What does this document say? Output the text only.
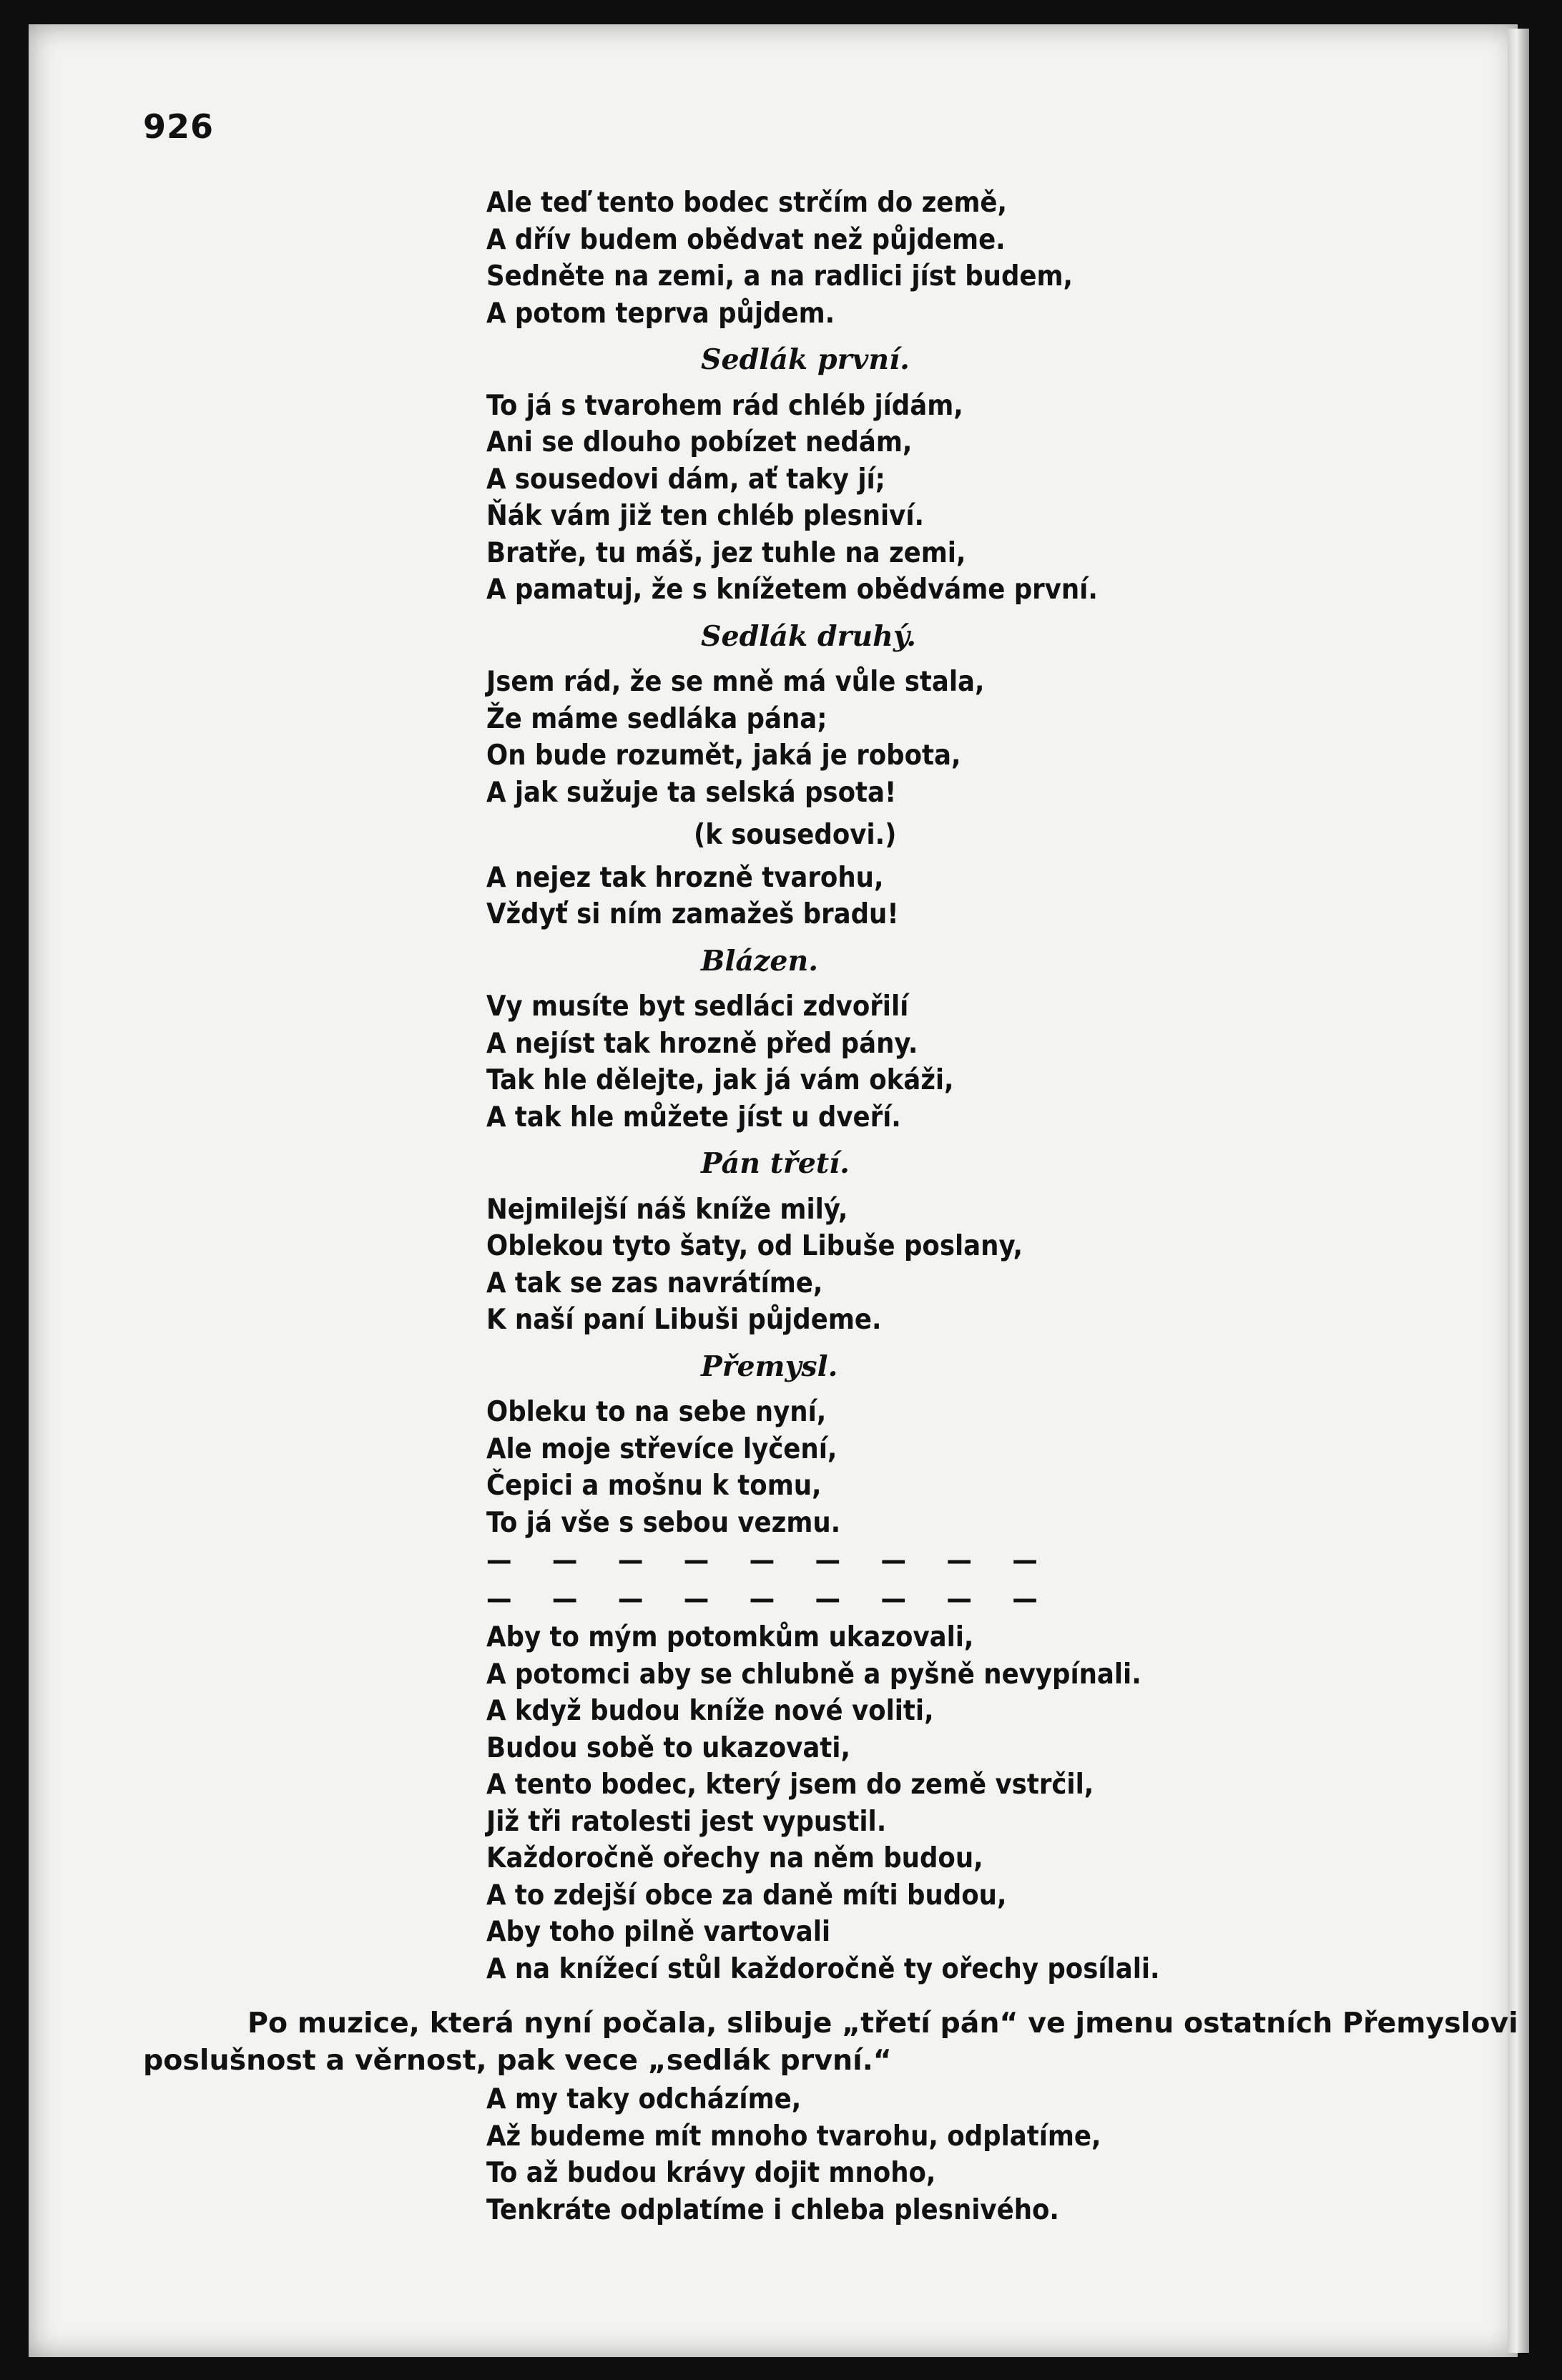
926
Ale teď tento bodec strčím do země,
A dřív budem obědvat než půjdeme.
Sedněte na zemi, a na radlici jíst budem,
A potom teprva půjdem.
Sedlák první.
To já s tvarohem rád chléb jídám,
Ani se dlouho pobízet nedám,
A sousedovi dám, ať taky jí;
Ňák vám již ten chléb plesniví.
Bratře, tu máš, jez tuhle na zemi,
A pamatuj, že s knížetem obědváme první.
Sedlák druhý.
Jsem rád, že se mně má vůle stala,
Že máme sedláka pána;
On bude rozumět, jaká je robota,
A jak sužuje ta selská psota!
(k sousedovi.)
A nejez tak hrozně tvarohu,
Vždyť si ním zamažeš bradu!
Blázen.
Vy musíte byt sedláci zdvořilí
A nejíst tak hrozně před pány.
Tak hle dělejte, jak já vám okáži,
A tak hle můžete jíst u dveří.
Pán třetí.
Nejmilejší náš kníže milý,
Oblekou tyto šaty, od Libuše poslany,
A tak se zas navrátíme,
K naší paní Libuši půjdeme.
Přemysl.
Obleku to na sebe nyní,
Ale moje střevíce lyčení,
Čepici a mošnu k tomu,
To já vše s sebou vezmu.
— — — — — — — — —
— — — — — — — — —
Aby to mým potomkům ukazovali,
A potomci aby se chlubně a pyšně nevypínali.
A když budou kníže nové voliti,
Budou sobě to ukazovati,
A tento bodec, který jsem do země vstrčil,
Již tři ratolesti jest vypustil.
Každoročně ořechy na něm budou,
A to zdejší obce za daně míti budou,
Aby toho pilně vartovali
A na knížecí stůl každoročně ty ořechy posílali.
Po muzice, která nyní počala, slibuje „třetí pán“ ve jmenu ostatních Přemyslovi
poslušnost a věrnost, pak vece „sedlák první.“
A my taky odcházíme,
Až budeme mít mnoho tvarohu, odplatíme,
To až budou krávy dojit mnoho,
Tenkráte odplatíme i chleba plesnivého.
